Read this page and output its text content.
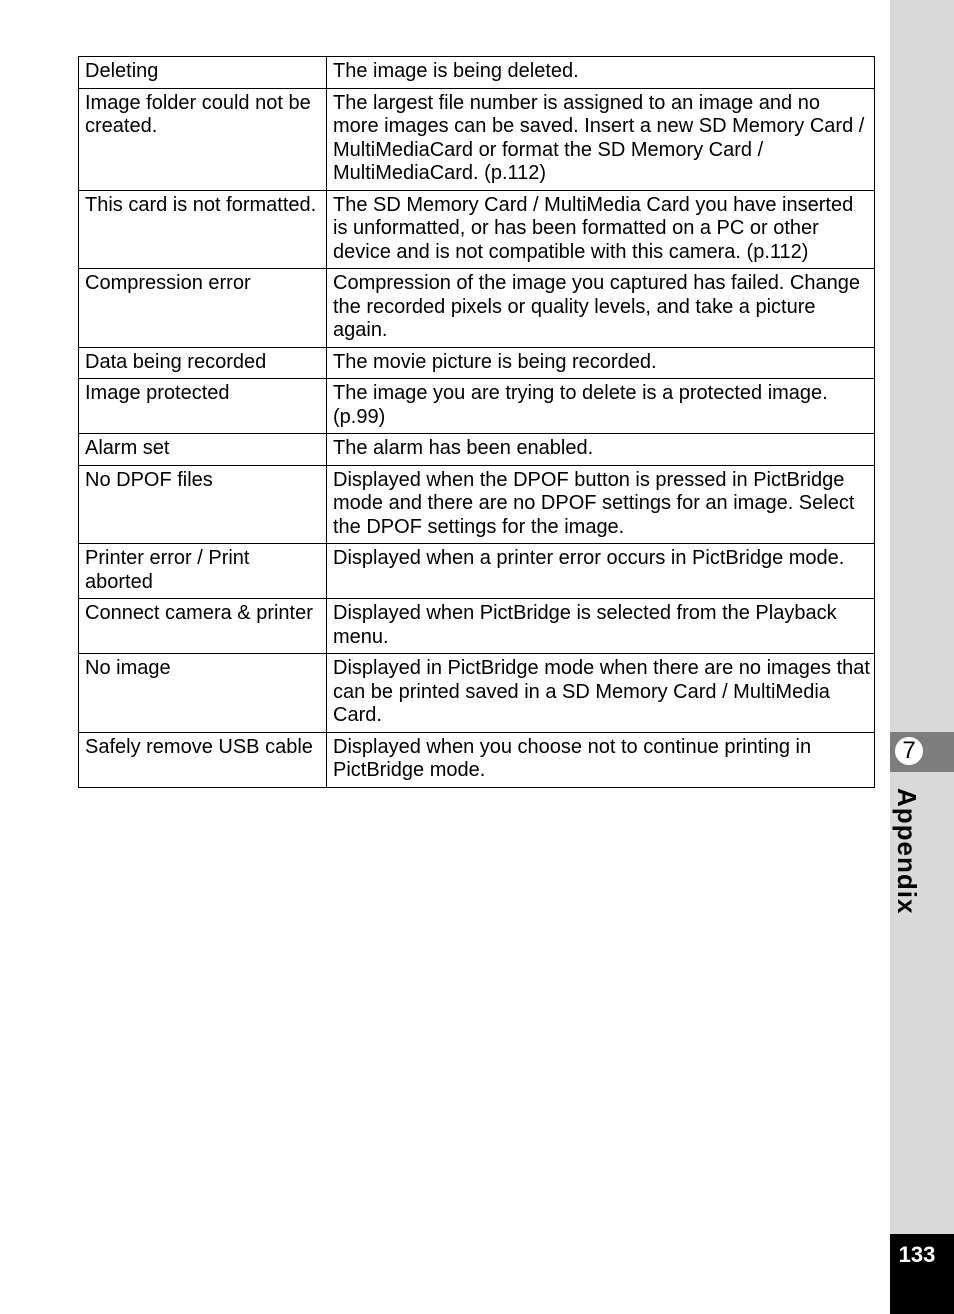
Deleting	The image is being deleted.
Image folder could not be created.	The largest file number is assigned to an image and no more images can be saved. Insert a new SD Memory Card / MultiMediaCard or format the SD Memory Card / MultiMediaCard. (p.112)
This card is not formatted.	The SD Memory Card / MultiMedia Card you have inserted is unformatted, or has been formatted on a PC or other device and is not compatible with this camera. (p.112)
Compression error	Compression of the image you captured has failed. Change the recorded pixels or quality levels, and take a picture again.
Data being recorded	The movie picture is being recorded.
Image protected	The image you are trying to delete is a protected image. (p.99)
Alarm set	The alarm has been enabled.
No DPOF files	Displayed when the DPOF button is pressed in PictBridge mode and there are no DPOF settings for an image. Select the DPOF settings for the image.
Printer error / Print aborted	Displayed when a printer error occurs in PictBridge mode.
Connect camera & printer	Displayed when PictBridge is selected from the Playback menu.
No image	Displayed in PictBridge mode when there are no images that can be printed saved in a SD Memory Card / MultiMedia Card.
Safely remove USB cable	Displayed when you choose not to continue printing in PictBridge mode.
7
Appendix
133
